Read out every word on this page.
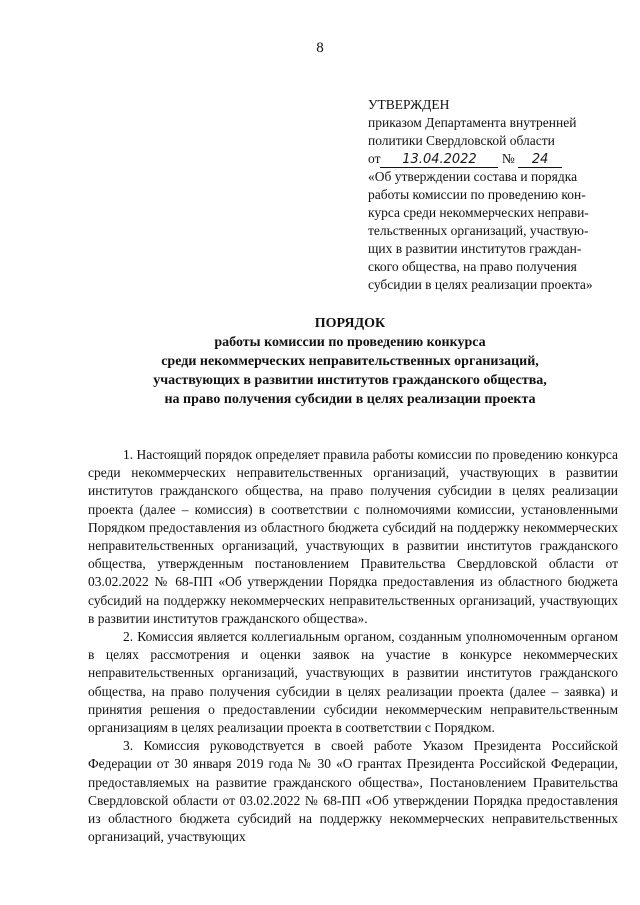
8

УТВЕРЖДЕН

приказом Департамента внутренней

политики Свердловской области

от 13.04.2022 № 24

«Об утверждении состава и порядка

работы комиссии по проведению кон-

курса среди некоммерческих неправи-

тельственных организаций, участвую-

щих в развитии институтов граждан-

ского общества, на право получения

субсидии в целях реализации проекта»

ПОРЯДОК
работы комиссии по проведению конкурса
среди некоммерческих неправительственных организаций,
участвующих в развитии институтов гражданского общества,
на право получения субсидии в целях реализации проекта

1. Настоящий порядок определяет правила работы комиссии по проведению конкурса среди некоммерческих неправительственных организаций, участвующих в развитии институтов гражданского общества, на право получения субсидии в целях реализации проекта (далее – комиссия) в соответствии с полномочиями комиссии, установленными Порядком предоставления из областного бюджета субсидий на поддержку некоммерческих неправительственных организаций, участвующих в развитии институтов гражданского общества, утвержденным постановлением Правительства Свердловской области от 03.02.2022 № 68-ПП «Об утверждении Порядка предоставления из областного бюджета субсидий на поддержку некоммерческих неправительственных организаций, участвующих в развитии институтов гражданского общества».

2. Комиссия является коллегиальным органом, созданным уполномоченным органом в целях рассмотрения и оценки заявок на участие в конкурсе некоммерческих неправительственных организаций, участвующих в развитии институтов гражданского общества, на право получения субсидии в целях реализации проекта (далее – заявка) и принятия решения о предоставлении субсидии некоммерческим неправительственным организациям в целях реализации проекта в соответствии с Порядком.

3. Комиссия руководствуется в своей работе Указом Президента Российской Федерации от 30 января 2019 года № 30 «О грантах Президента Российской Федерации, предоставляемых на развитие гражданского общества», Постановлением Правительства Свердловской области от 03.02.2022 № 68-ПП «Об утверждении Порядка предоставления из областного бюджета субсидий на поддержку некоммерческих неправительственных организаций, участвующих
